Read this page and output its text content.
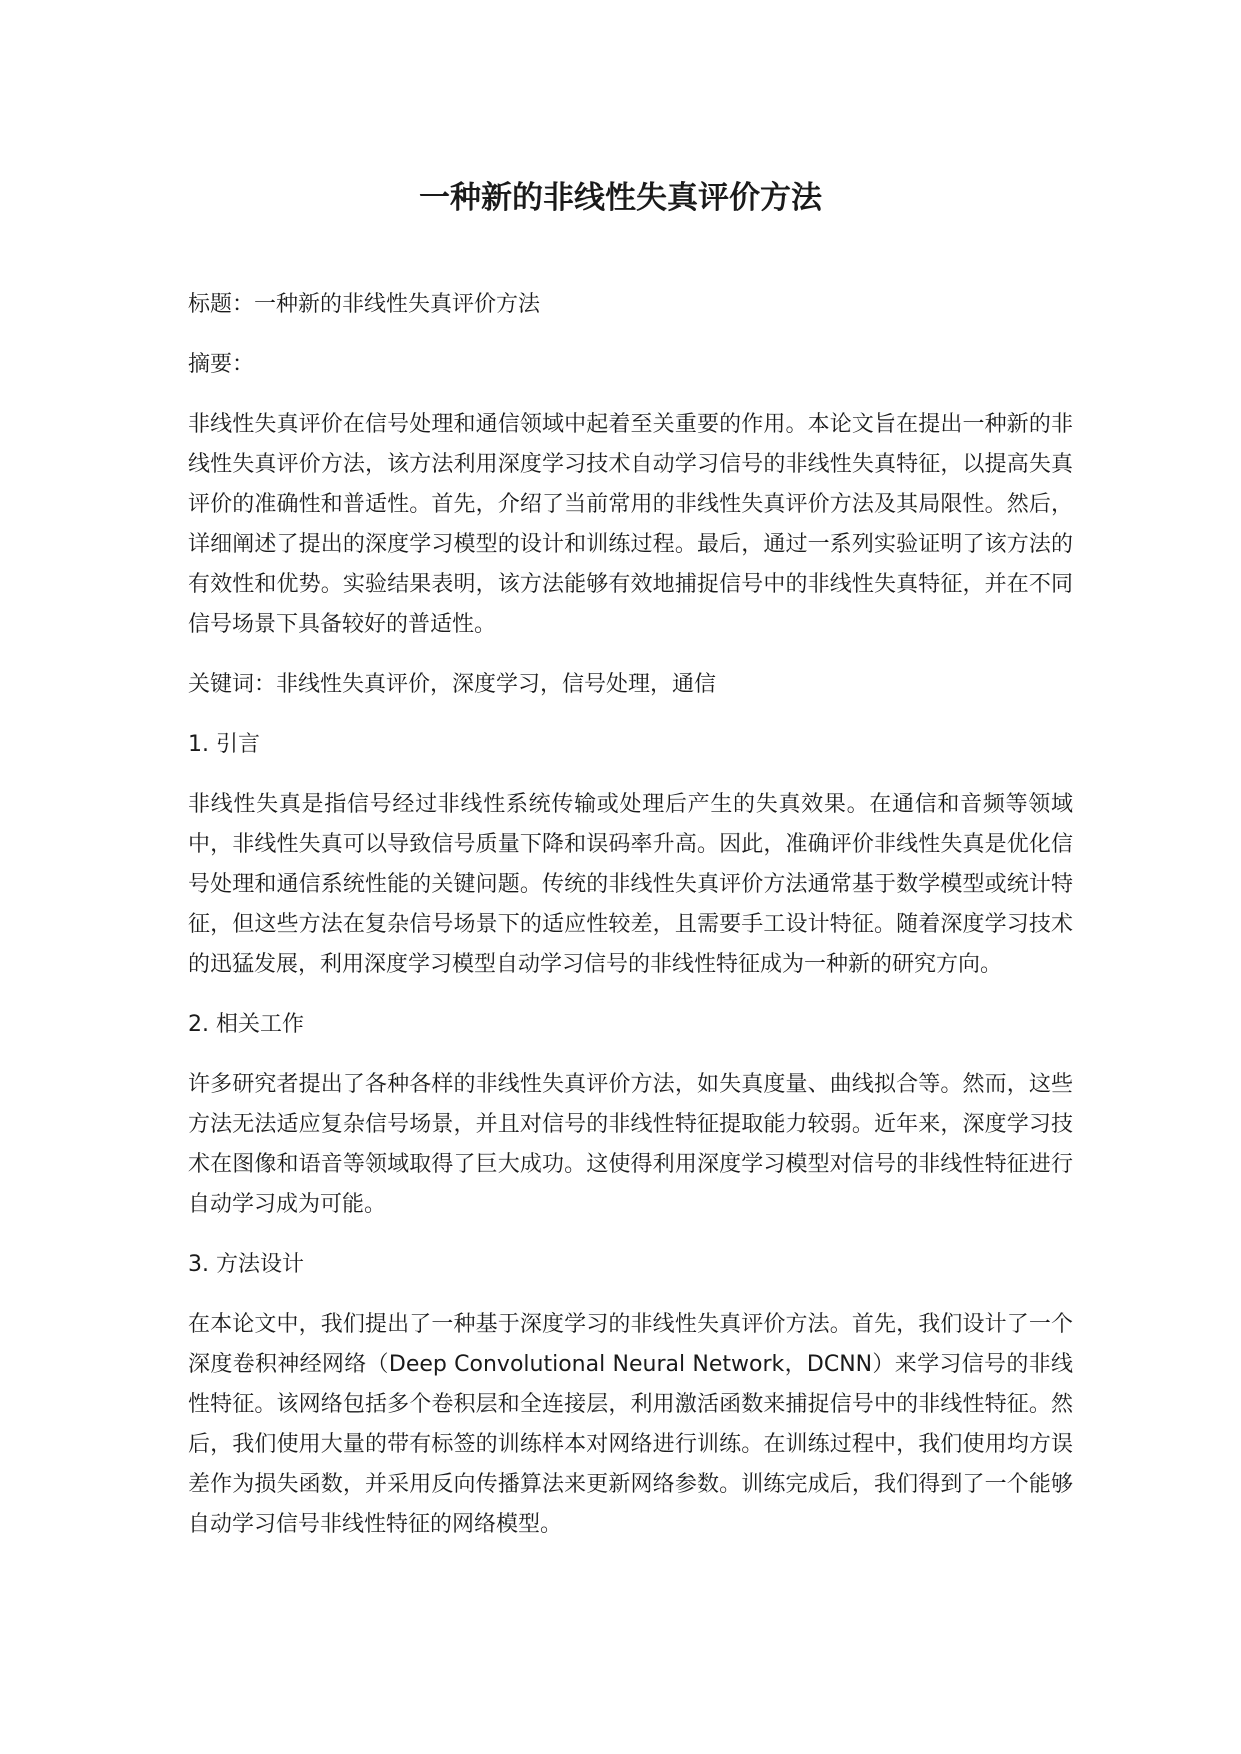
一种新的非线性失真评价方法

标题：一种新的非线性失真评价方法

摘要：

非线性失真评价在信号处理和通信领域中起着至关重要的作用。本论文旨在提出一种新的非线性失真评价方法，该方法利用深度学习技术自动学习信号的非线性失真特征，以提高失真评价的准确性和普适性。首先，介绍了当前常用的非线性失真评价方法及其局限性。然后，详细阐述了提出的深度学习模型的设计和训练过程。最后，通过一系列实验证明了该方法的有效性和优势。实验结果表明，该方法能够有效地捕捉信号中的非线性失真特征，并在不同信号场景下具备较好的普适性。

关键词：非线性失真评价，深度学习，信号处理，通信

1. 引言

非线性失真是指信号经过非线性系统传输或处理后产生的失真效果。在通信和音频等领域中，非线性失真可以导致信号质量下降和误码率升高。因此，准确评价非线性失真是优化信号处理和通信系统性能的关键问题。传统的非线性失真评价方法通常基于数学模型或统计特征，但这些方法在复杂信号场景下的适应性较差，且需要手工设计特征。随着深度学习技术的迅猛发展，利用深度学习模型自动学习信号的非线性特征成为一种新的研究方向。

2. 相关工作

许多研究者提出了各种各样的非线性失真评价方法，如失真度量、曲线拟合等。然而，这些方法无法适应复杂信号场景，并且对信号的非线性特征提取能力较弱。近年来，深度学习技术在图像和语音等领域取得了巨大成功。这使得利用深度学习模型对信号的非线性特征进行自动学习成为可能。

3. 方法设计

在本论文中，我们提出了一种基于深度学习的非线性失真评价方法。首先，我们设计了一个深度卷积神经网络（Deep Convolutional Neural Network，DCNN）来学习信号的非线性特征。该网络包括多个卷积层和全连接层，利用激活函数来捕捉信号中的非线性特征。然后，我们使用大量的带有标签的训练样本对网络进行训练。在训练过程中，我们使用均方误差作为损失函数，并采用反向传播算法来更新网络参数。训练完成后，我们得到了一个能够自动学习信号非线性特征的网络模型。
